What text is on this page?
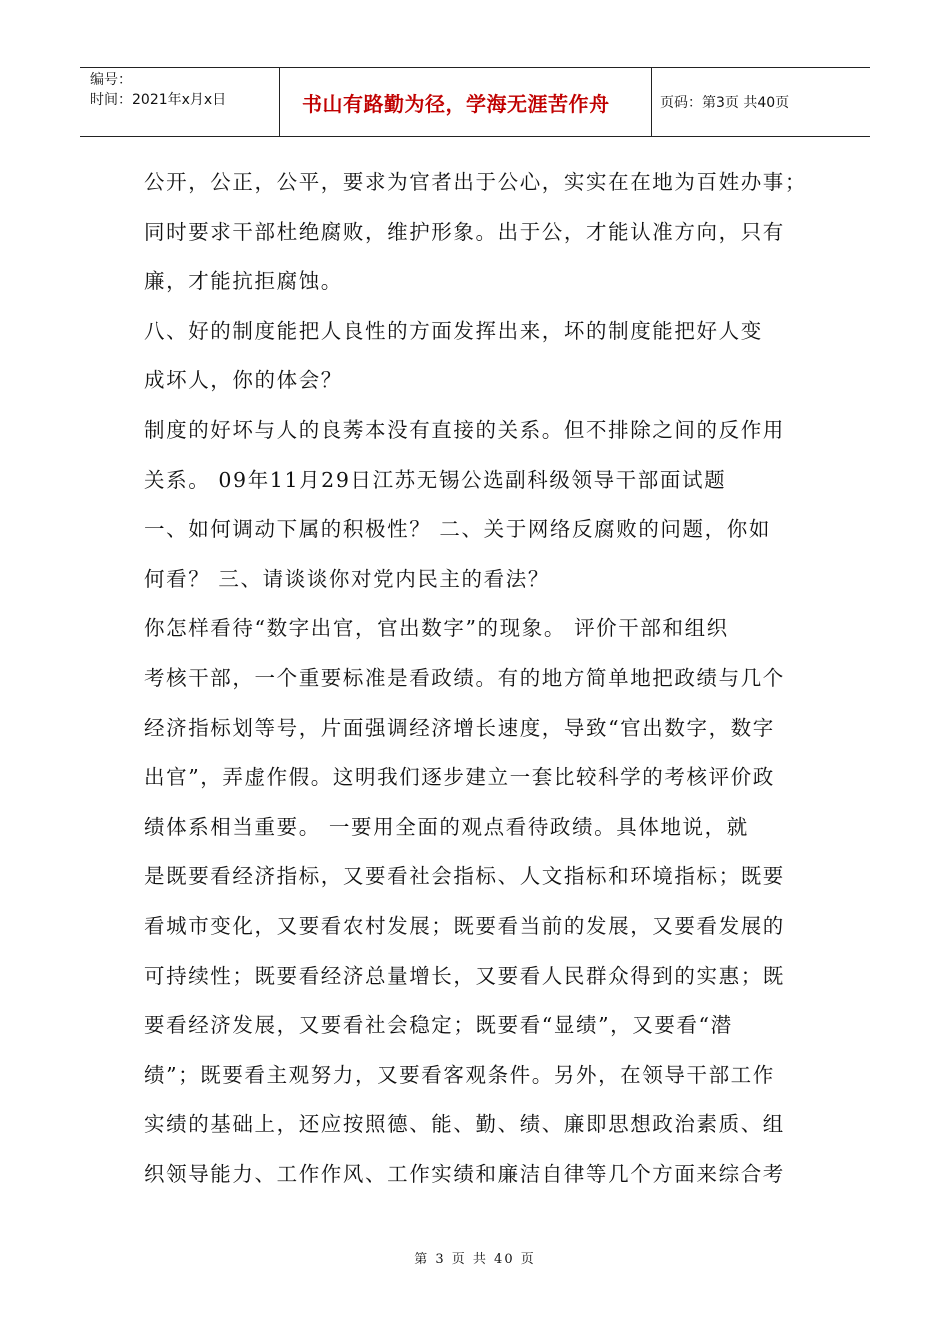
编号：
时间：2021年x月x日	书山有路勤为径，学海无涯苦作舟	页码：第3页 共40页
公开，公正，公平，要求为官者出于公心，实实在在地为百姓办事；
同时要求干部杜绝腐败，维护形象。出于公，才能认准方向，只有
廉，才能抗拒腐蚀。
八、好的制度能把人良性的方面发挥出来，坏的制度能把好人变
成坏人，你的体会？
制度的好坏与人的良莠本没有直接的关系。但不排除之间的反作用
关系。 09年11月29日江苏无锡公选副科级领导干部面试题
一、如何调动下属的积极性？ 二、关于网络反腐败的问题，你如
何看？ 三、请谈谈你对党内民主的看法？
你怎样看待“数字出官，官出数字”的现象。 评价干部和组织
考核干部，一个重要标准是看政绩。有的地方简单地把政绩与几个
经济指标划等号，片面强调经济增长速度，导致“官出数字，数字
出官”，弄虚作假。这明我们逐步建立一套比较科学的考核评价政
绩体系相当重要。 一要用全面的观点看待政绩。具体地说，就
是既要看经济指标，又要看社会指标、人文指标和环境指标；既要
看城市变化，又要看农村发展；既要看当前的发展，又要看发展的
可持续性；既要看经济总量增长，又要看人民群众得到的实惠；既
要看经济发展，又要看社会稳定；既要看“显绩”，又要看“潜
绩”；既要看主观努力，又要看客观条件。另外，在领导干部工作
实绩的基础上，还应按照德、能、勤、绩、廉即思想政治素质、组
织领导能力、工作作风、工作实绩和廉洁自律等几个方面来综合考
第 3 页 共 40 页
